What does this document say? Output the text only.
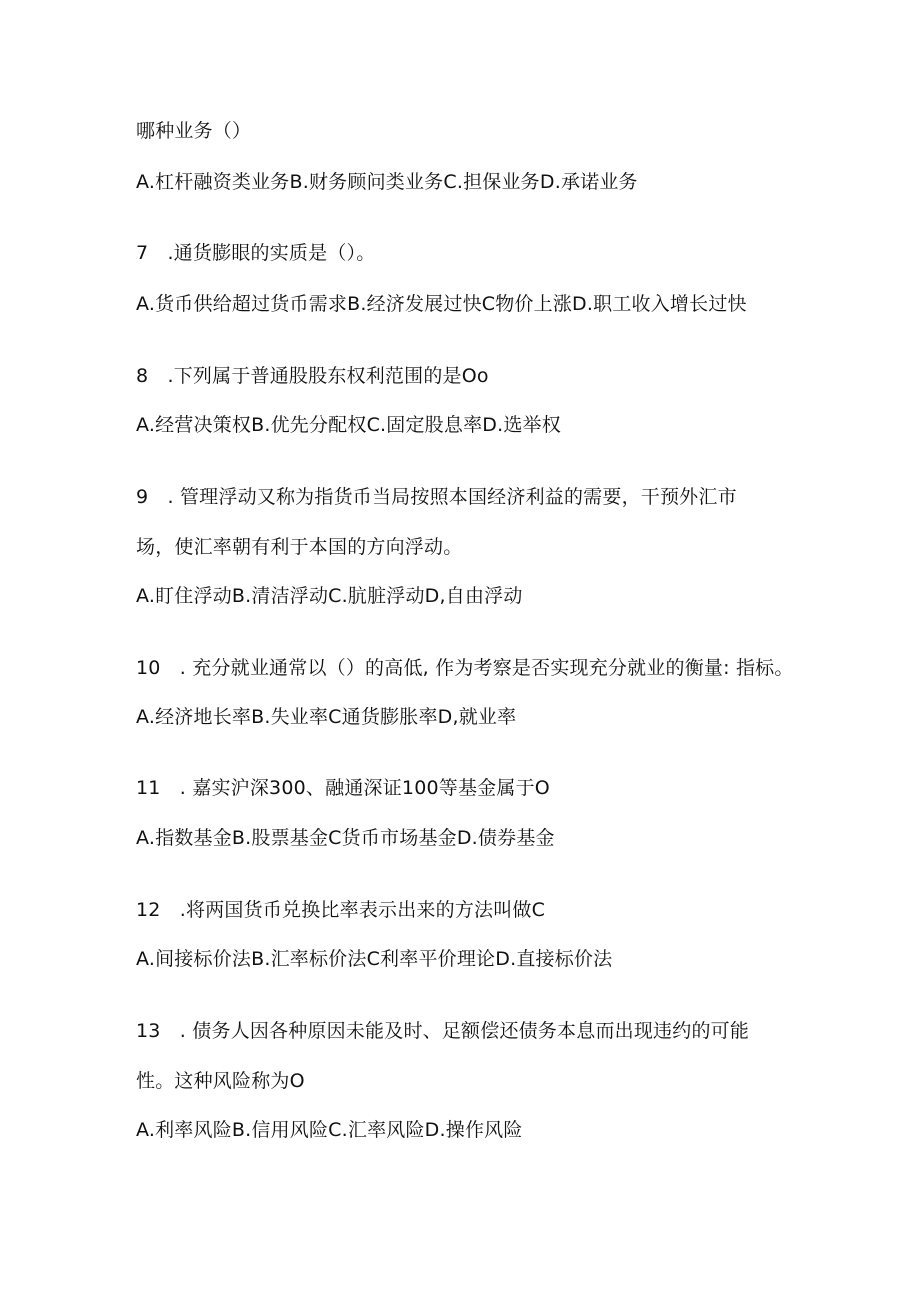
哪种业务（）
A.杠杆融资类业务B.财务顾问类业务C.担保业务D.承诺业务
7　.通货膨眼的实质是（）。
A.货币供给超过货币需求B.经济发展过快C物价上涨D.职工收入增长过快
8　.下列属于普通股股东权利范围的是Oo
A.经营决策权B.优先分配权C.固定股息率D.选举权
9　. 管理浮动又称为指货币当局按照本国经济利益的需要，干预外汇市
场，使汇率朝有利于本国的方向浮动。
A.盯住浮动B.清洁浮动C.肮脏浮动D,自由浮动
10　. 充分就业通常以（）的高低, 作为考察是否实现充分就业的衡量: 指标。
A.经济地长率B.失业率C通货膨胀率D,就业率
11　. 嘉实沪深300、融通深证100等基金属于O
A.指数基金B.股票基金C货币市场基金D.债券基金
12　.将两国货币兑换比率表示出来的方法叫做C
A.间接标价法B.汇率标价法C利率平价理论D.直接标价法
13　. 债务人因各种原因未能及时、足额偿还债务本息而出现违约的可能
性。这种风险称为O
A.利率风险B.信用风险C.汇率风险D.操作风险
